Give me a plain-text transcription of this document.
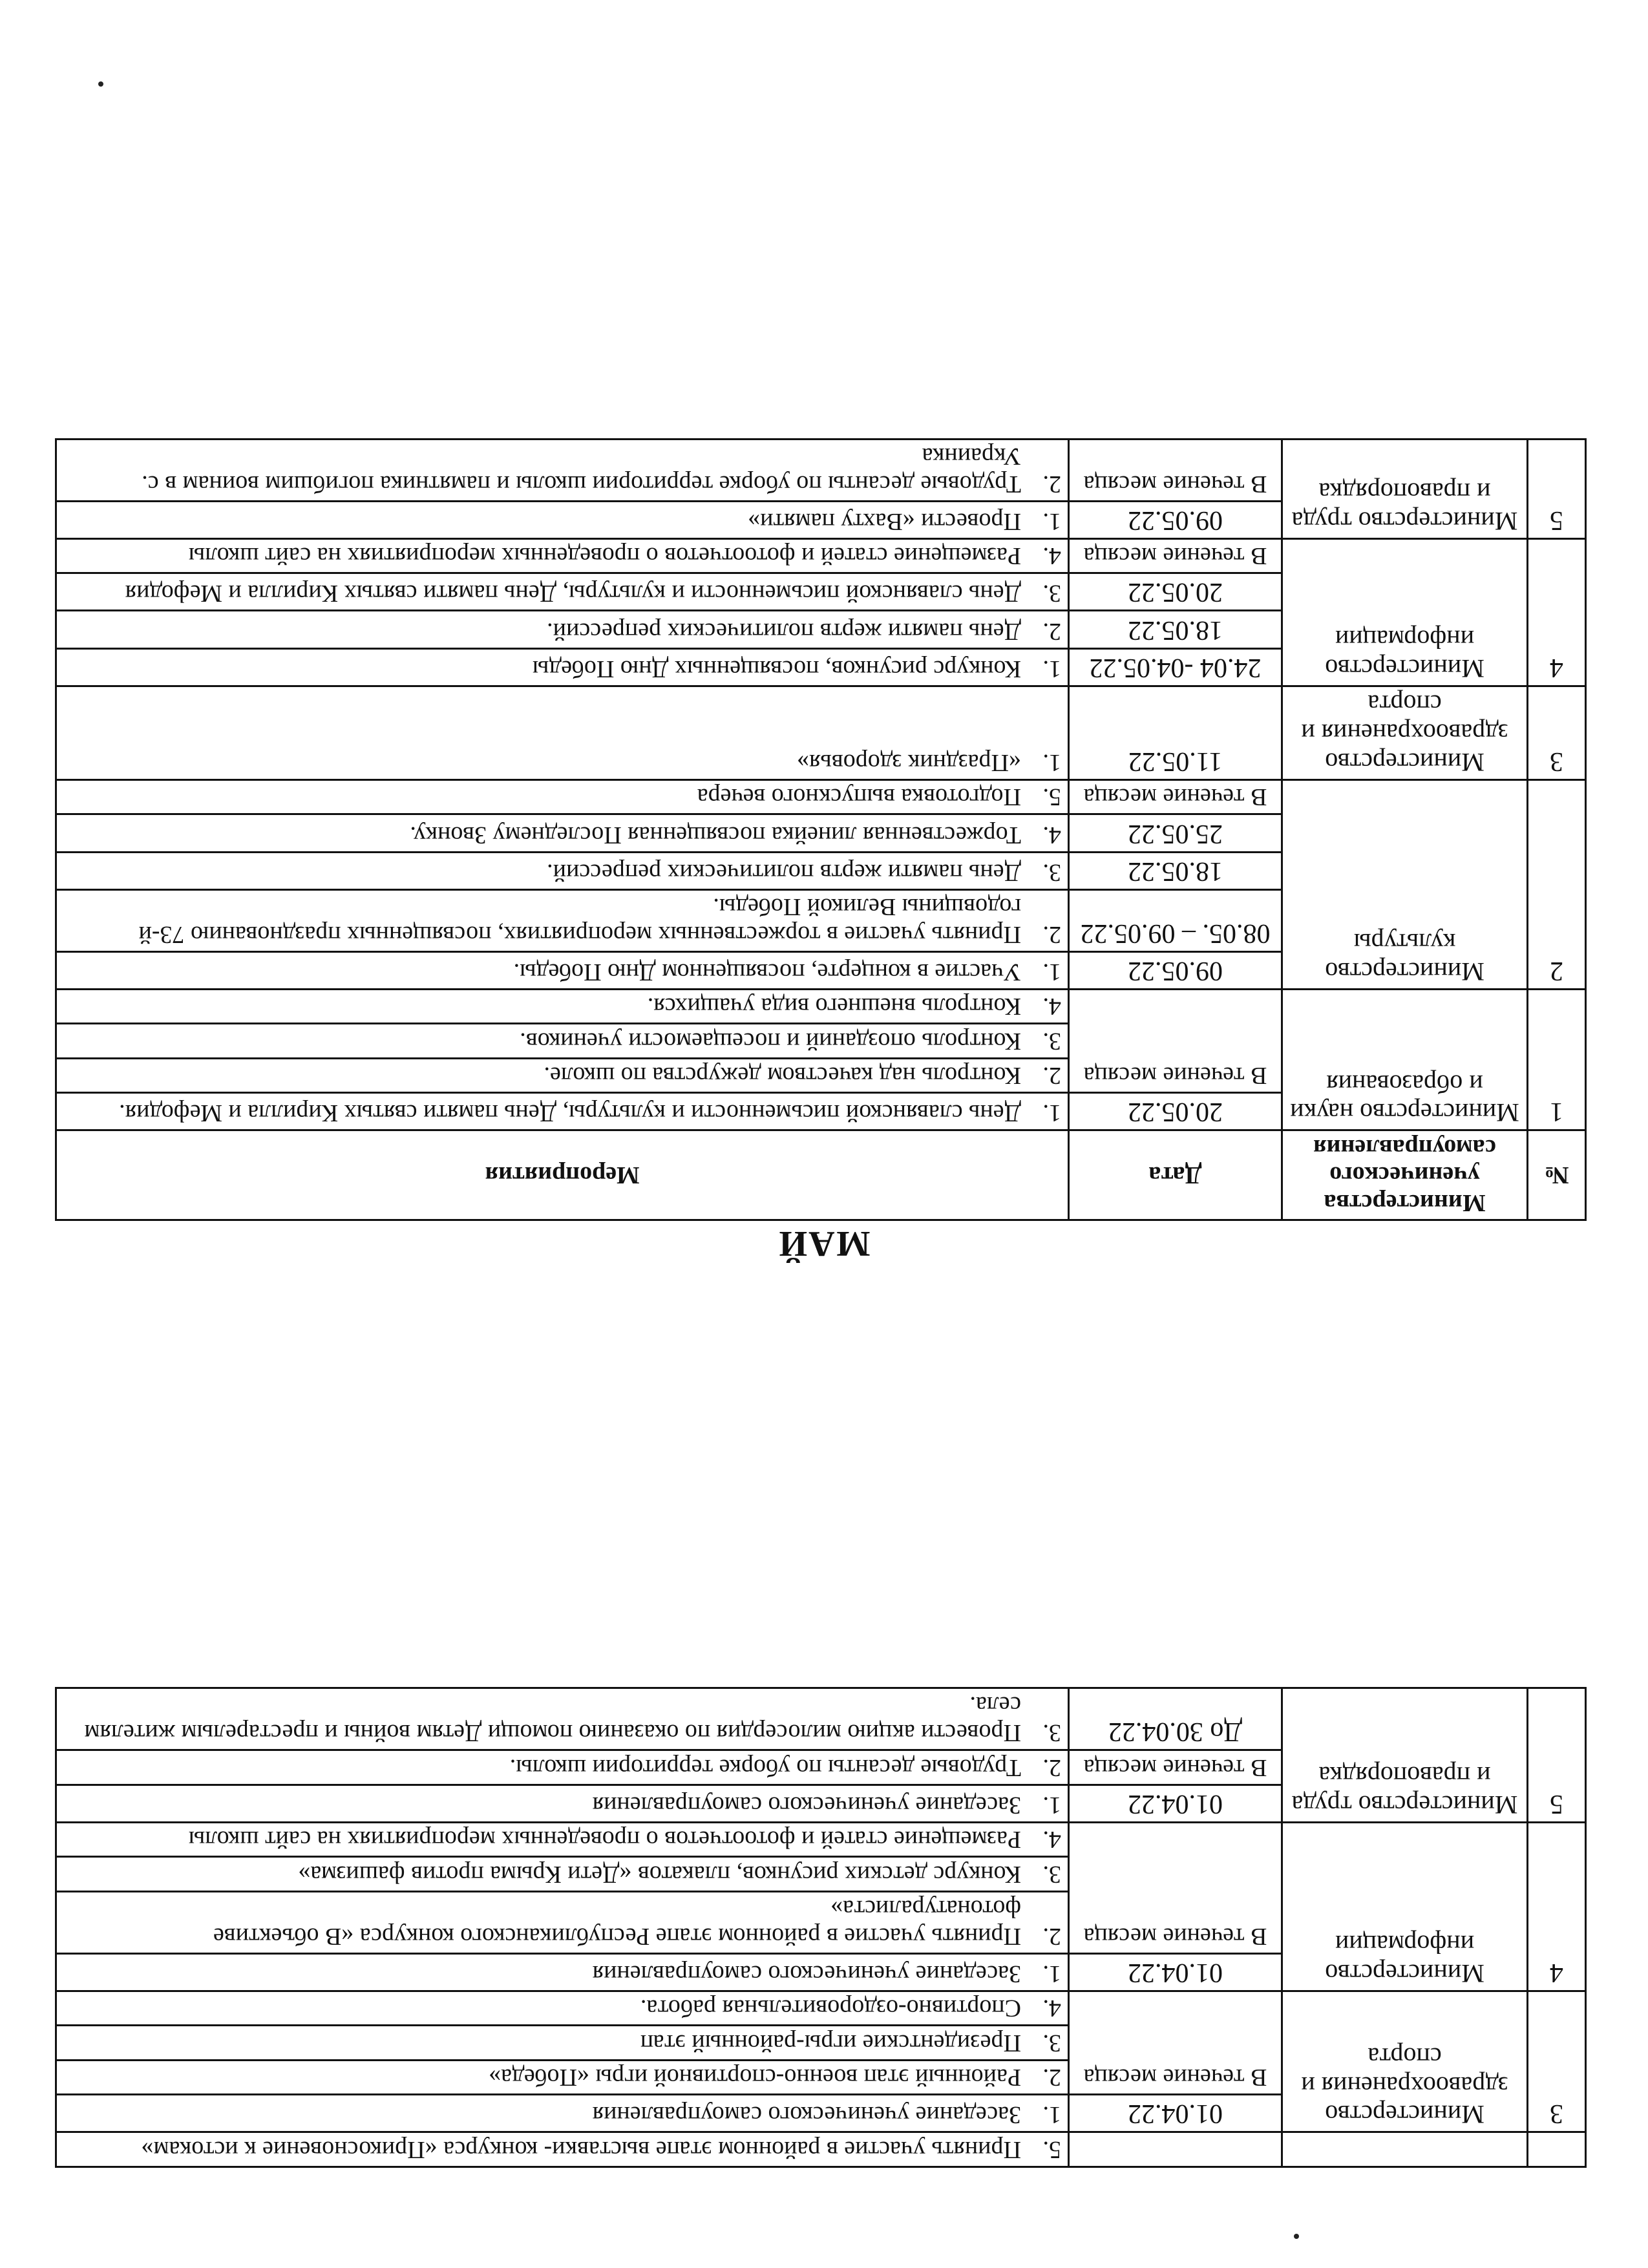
			5.Принять участие в районном этапе выставки- конкурса «Прикосновение к истокам»
3	Министерство здравоохранения и спорта	01.04.22	1.Заседание ученического самоуправления
		В течение месяца	2.Районный этап военно-спортивной игры «Победа»
			3.Президентские игры-районный этап
			4.Спортивно-оздоровительная работа.
4	Министерство информации	01.04.22	1.Заседание ученического самоуправления
		В течение месяца	2.Принять участие в районном этапе Республиканского конкурса «В объективе фотонатуралиста»
			3.Конкурс детских рисунков, плакатов «Дети Крыма против фашизма»
			4.Размещение статей и фотоотчетов о проведенных мероприятиях на сайт школы
5	Министерство труда и правопорядка	01.04.22	1.Заседание ученического самоуправления
		В течение месяца	2.Трудовые десанты по уборке территории школы.
		До 30.04.22	3.Провести акцию милосердия по оказанию помощи Детям войны и престарелым жителям села.
МАЙ
№	Министерства ученического самоуправления	Дата	Мероприятия
1	Министерство науки и образования	20.05.22	1.День славянской письменности и культуры, День памяти святых Кирилла и Мефодия.
		В течение месяца	2.Контроль над качеством дежурства по школе.
			3.Контроль опозданий и посещаемости учеников.
			4.Контроль внешнего вида учащихся.
2	Министерство культуры	09.05.22	1.Участие в концерте, посвященном Дню Победы.
		08.05. – 09.05.22	2.Принять участие в торжественных мероприятиях, посвященных празднованию 73-й годовщины Великой Победы.
		18.05.22	3.День памяти жертв политических репрессий.
		25.05.22	4.Торжественная линейка посвященная Последнему Звонку.
		В течение месяца	5.Подготовка выпускного вечера
3	Министерство здравоохранения и спорта	11.05.22	1.«Праздник здоровья»
4	Министерство информации	24.04 -04.05.22	1.Конкурс рисунков, посвященных Дню Победы
		18.05.22	2.День памяти жертв политических репрессий.
		20.05.22	3.День славянской письменности и культуры, День памяти святых Кирилла и Мефодия
		В течение месяца	4.Размещение статей и фотоотчетов о проведенных мероприятиях на сайт школы
5	Министерство труда и правопорядка	09.05.22	1.Провести «Вахту памяти»
		В течение месяца	2.Трудовые десанты по уборке территории школы и памятника погибшим воинам в с. Украинка
